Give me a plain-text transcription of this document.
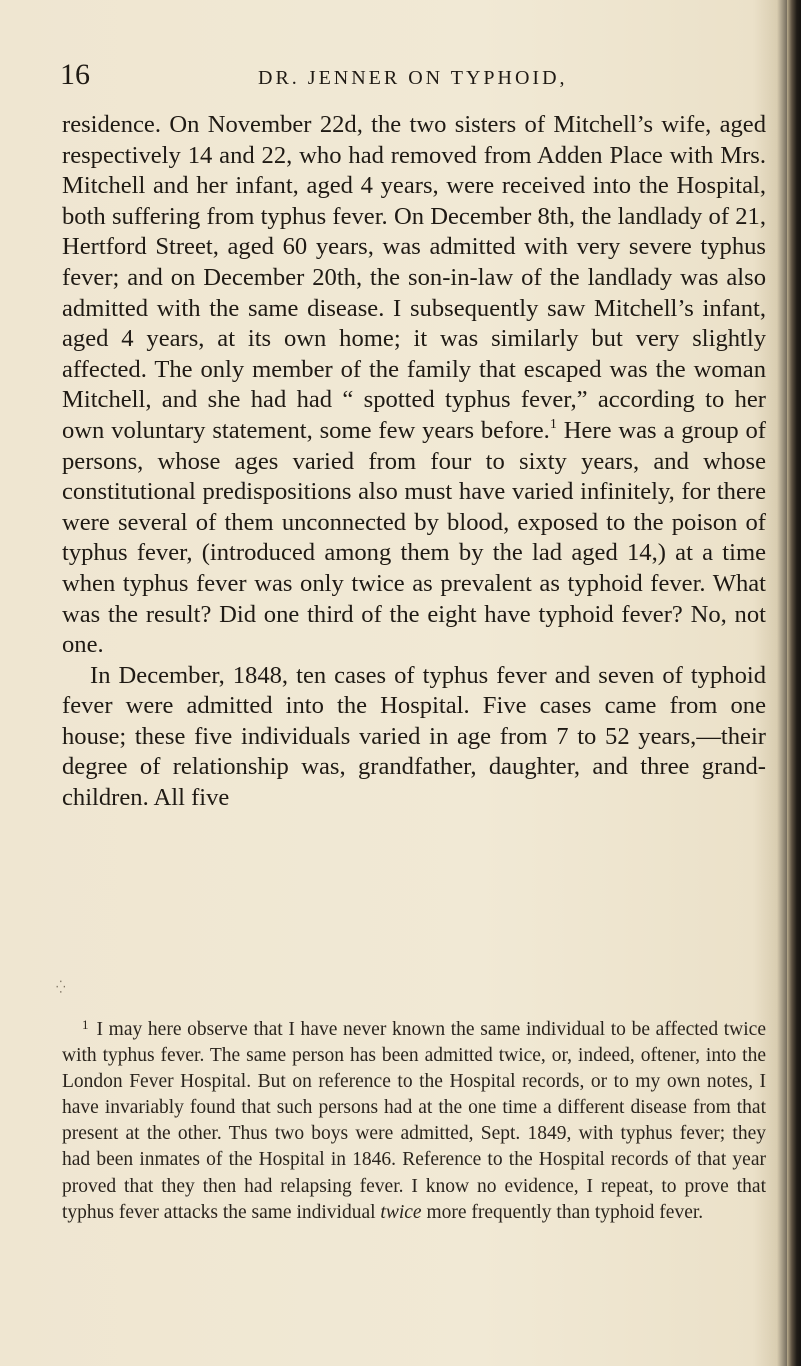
16	DR. JENNER ON TYPHOID,

residence. On November 22d, the two sisters of Mitchell’s wife, aged respectively 14 and 22, who had removed from Adden Place with Mrs. Mitchell and her infant, aged 4 years, were received into the Hospital, both suffering from typhus fever. On December 8th, the landlady of 21, Hertford Street, aged 60 years, was admitted with very severe typhus fever; and on December 20th, the son-in-law of the landlady was also admitted with the same disease. I subsequently saw Mitchell’s infant, aged 4 years, at its own home; it was similarly but very slightly affected. The only member of the family that escaped was the woman Mitchell, and she had had “ spotted typhus fever,” according to her own voluntary statement, some few years before.$^1$ Here was a group of persons, whose ages varied from four to sixty years, and whose constitutional predispositions also must have varied infinitely, for there were several of them unconnected by blood, exposed to the poison of typhus fever, (introduced among them by the lad aged 14,) at a time when typhus fever was only twice as prevalent as typhoid fever. What was the result? Did one third of the eight have typhoid fever? No, not one.

In December, 1848, ten cases of typhus fever and seven of typhoid fever were admitted into the Hospital. Five cases came from one house; these five individuals varied in age from 7 to 52 years,—their degree of relationship was, grandfather, daughter, and three grand-children. All five

⁛

$^1$ I may here observe that I have never known the same individual to be affected twice with typhus fever. The same person has been admitted twice, or, indeed, oftener, into the London Fever Hospital. But on reference to the Hospital records, or to my own notes, I have invariably found that such persons had at the one time a different disease from that present at the other. Thus two boys were admitted, Sept. 1849, with typhus fever; they had been inmates of the Hospital in 1846. Reference to the Hospital records of that year proved that they then had relapsing fever. I know no evidence, I repeat, to prove that typhus fever attacks the same individual twice more frequently than typhoid fever.
